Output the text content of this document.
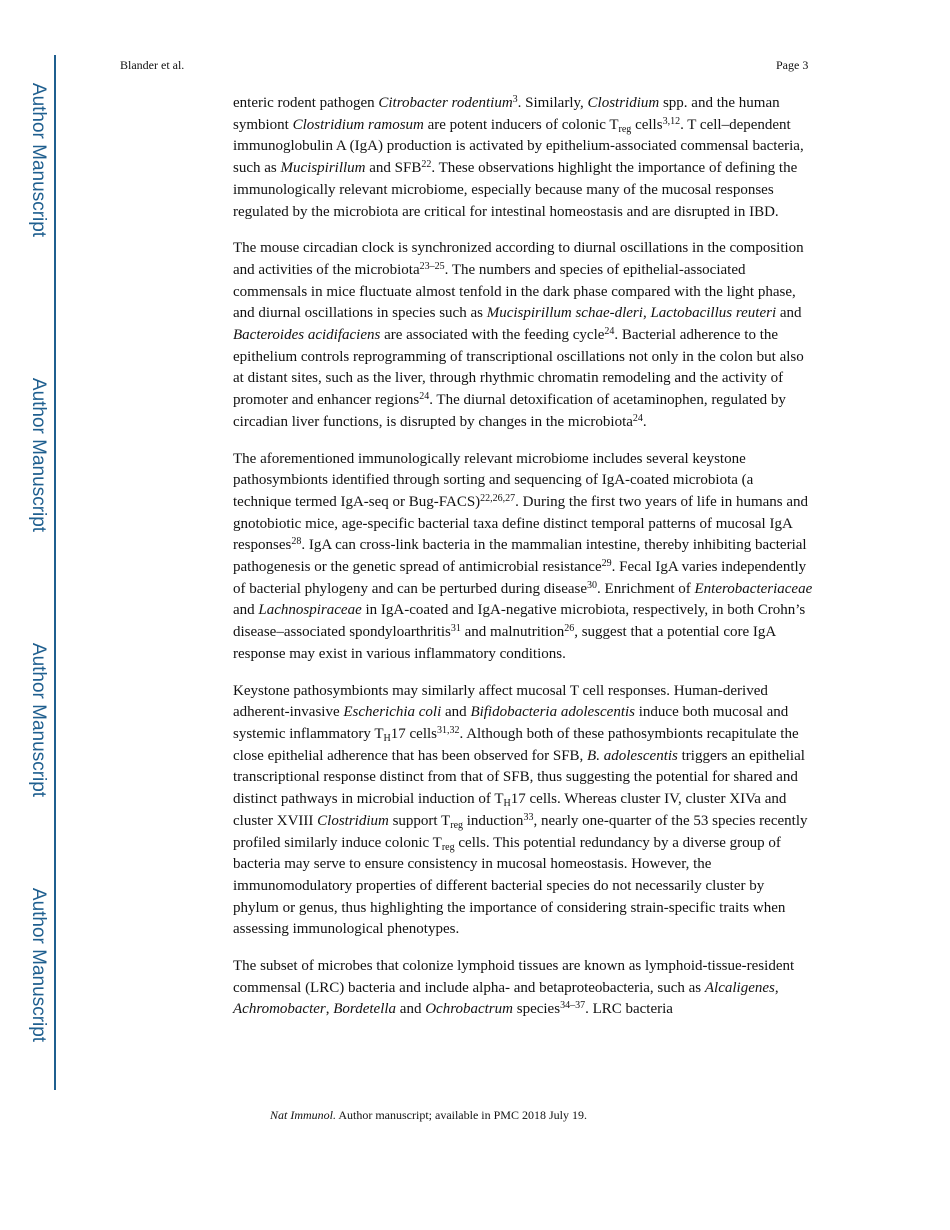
Author Manuscript
Author Manuscript
Author Manuscript
Author Manuscript
Blander et al.	Page 3

enteric rodent pathogen Citrobacter rodentium$^3$. Similarly, Clostridium spp. and the human symbiont Clostridium ramosum are potent inducers of colonic $T_{reg}$ cells$^{3,12}$. T cell–dependent immunoglobulin A (IgA) production is activated by epithelium-associated commensal bacteria, such as Mucispirillum and SFB$^{22}$. These observations highlight the importance of defining the immunologically relevant microbiome, especially because many of the mucosal responses regulated by the microbiota are critical for intestinal homeostasis and are disrupted in IBD.

The mouse circadian clock is synchronized according to diurnal oscillations in the composition and activities of the microbiota$^{23-25}$. The numbers and species of epithelial-associated commensals in mice fluctuate almost tenfold in the dark phase compared with the light phase, and diurnal oscillations in species such as Mucispirillum schae-dleri, Lactobacillus reuteri and Bacteroides acidifaciens are associated with the feeding cycle$^{24}$. Bacterial adherence to the epithelium controls reprogramming of transcriptional oscillations not only in the colon but also at distant sites, such as the liver, through rhythmic chromatin remodeling and the activity of promoter and enhancer regions$^{24}$. The diurnal detoxification of acetaminophen, regulated by circadian liver functions, is disrupted by changes in the microbiota$^{24}$.

The aforementioned immunologically relevant microbiome includes several keystone pathosymbionts identified through sorting and sequencing of IgA-coated microbiota (a technique termed IgA-seq or Bug-FACS)$^{22,26,27}$. During the first two years of life in humans and gnotobiotic mice, age-specific bacterial taxa define distinct temporal patterns of mucosal IgA responses$^{28}$. IgA can cross-link bacteria in the mammalian intestine, thereby inhibiting bacterial pathogenesis or the genetic spread of antimicrobial resistance$^{29}$. Fecal IgA varies independently of bacterial phylogeny and can be perturbed during disease$^{30}$. Enrichment of Enterobacteriaceae and Lachnospiraceae in IgA-coated and IgA-negative microbiota, respectively, in both Crohn’s disease–associated spondyloarthritis$^{31}$ and malnutrition$^{26}$, suggest that a potential core IgA response may exist in various inflammatory conditions.

Keystone pathosymbionts may similarly affect mucosal T cell responses. Human-derived adherent-invasive Escherichia coli and Bifidobacteria adolescentis induce both mucosal and systemic inflammatory $T_H17$ cells$^{31,32}$. Although both of these pathosymbionts recapitulate the close epithelial adherence that has been observed for SFB, B. adolescentis triggers an epithelial transcriptional response distinct from that of SFB, thus suggesting the potential for shared and distinct pathways in microbial induction of $T_H17$ cells. Whereas cluster IV, cluster XIVa and cluster XVIII Clostridium support $T_{reg}$ induction$^{33}$, nearly one-quarter of the 53 species recently profiled similarly induce colonic $T_{reg}$ cells. This potential redundancy by a diverse group of bacteria may serve to ensure consistency in mucosal homeostasis. However, the immunomodulatory properties of different bacterial species do not necessarily cluster by phylum or genus, thus highlighting the importance of considering strain-specific traits when assessing immunological phenotypes.

The subset of microbes that colonize lymphoid tissues are known as lymphoid-tissue-resident commensal (LRC) bacteria and include alpha- and betaproteobacteria, such as Alcaligenes, Achromobacter, Bordetella and Ochrobactrum species$^{34-37}$. LRC bacteria

Nat Immunol. Author manuscript; available in PMC 2018 July 19.
